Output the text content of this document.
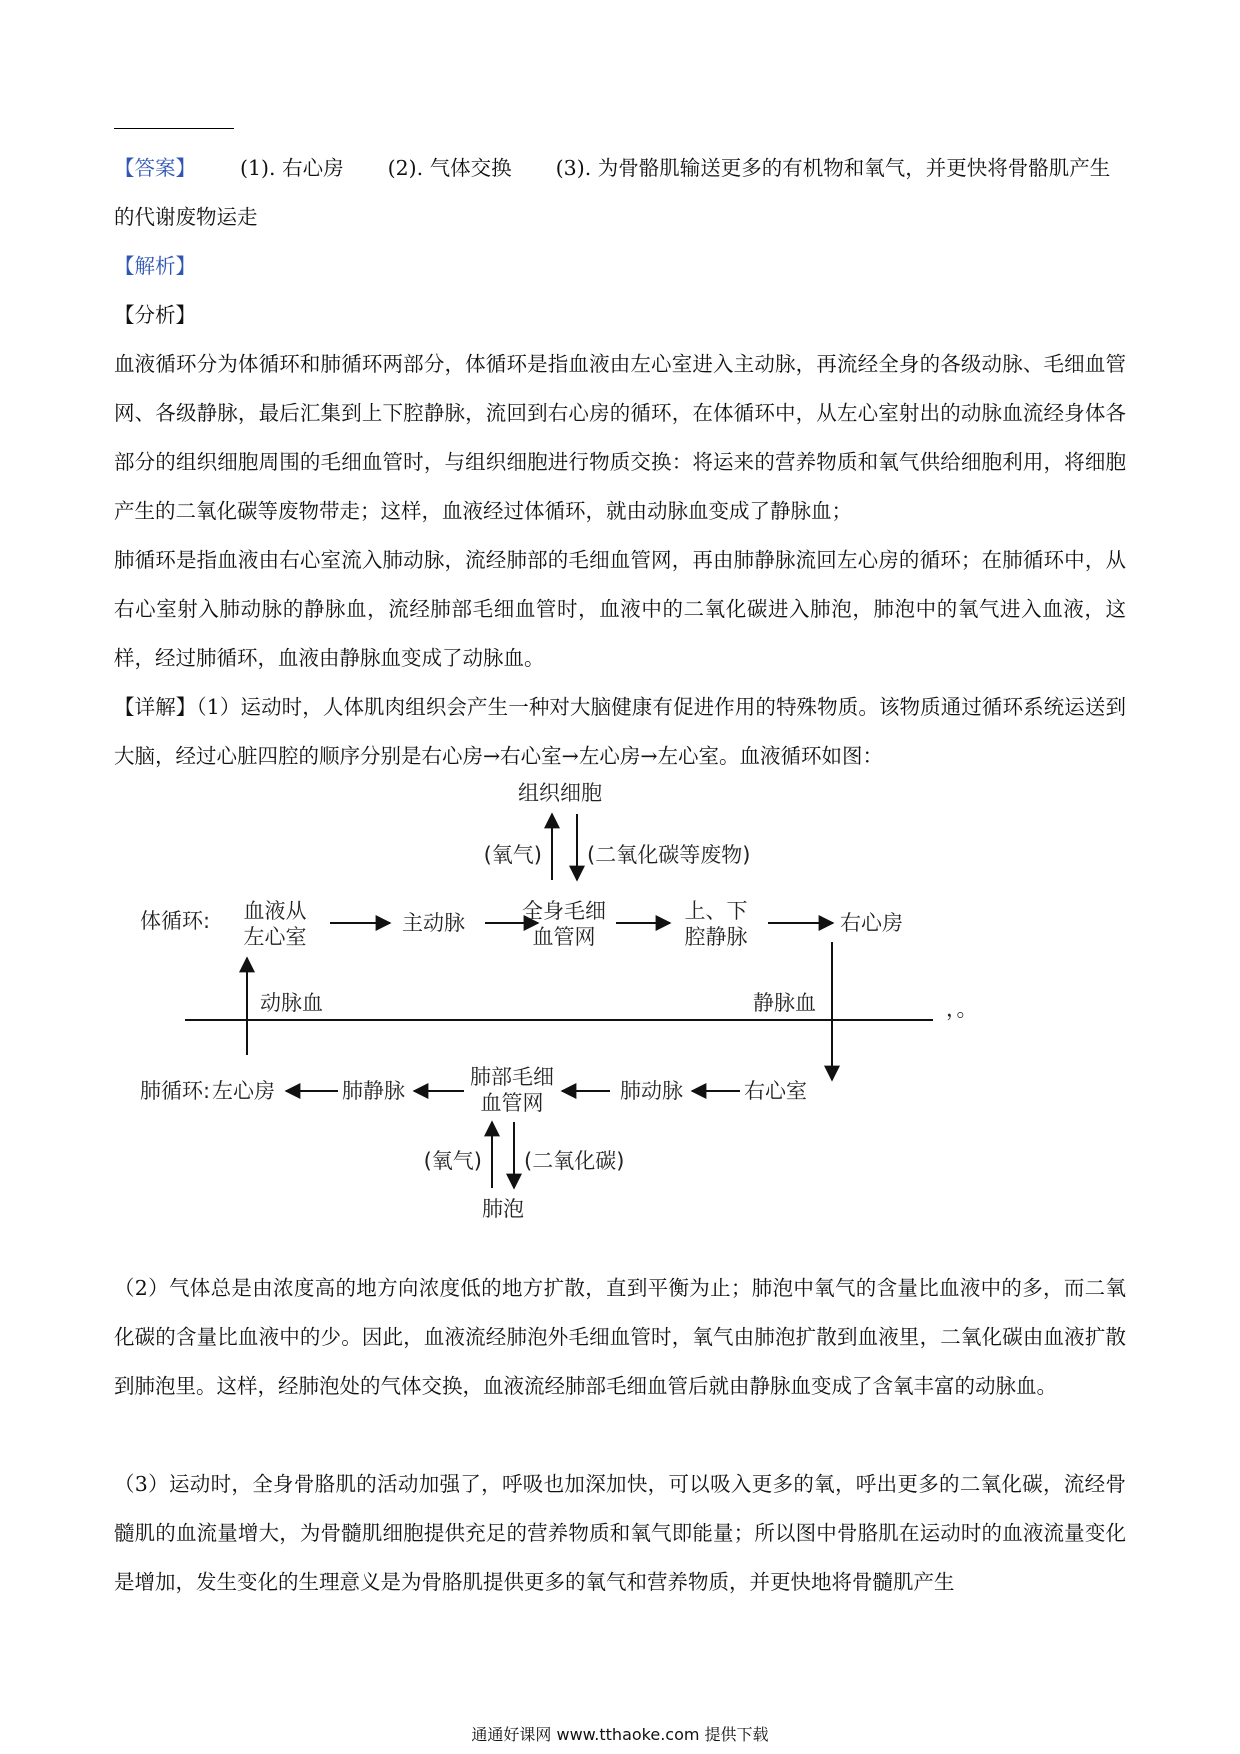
【答案】 (1). 右心房 (2). 气体交换 (3). 为骨骼肌输送更多的有机物和氧气，并更快将骨骼肌产生的代谢废物运走

【解析】

【分析】

血液循环分为体循环和肺循环两部分，体循环是指血液由左心室进入主动脉，再流经全身的各级动脉、毛细血管网、各级静脉，最后汇集到上下腔静脉，流回到右心房的循环，在体循环中，从左心室射出的动脉血流经身体各部分的组织细胞周围的毛细血管时，与组织细胞进行物质交换：将运来的营养物质和氧气供给细胞利用，将细胞产生的二氧化碳等废物带走；这样，血液经过体循环，就由动脉血变成了静脉血；

肺循环是指血液由右心室流入肺动脉，流经肺部的毛细血管网，再由肺静脉流回左心房的循环；在肺循环中，从右心室射入肺动脉的静脉血，流经肺部毛细血管时，血液中的二氧化碳进入肺泡，肺泡中的氧气进入血液，这样，经过肺循环，血液由静脉血变成了动脉血。

【详解】（1）运动时，人体肌肉组织会产生一种对大脑健康有促进作用的特殊物质。该物质通过循环系统运送到大脑，经过心脏四腔的顺序分别是右心房→右心室→左心房→左心室。血液循环如图：

组织细胞
(氧气) (二氧化碳等废物)
体循环: 血液从
左心室
主动脉	全身毛细
血管网
上、下
腔静脉
右心房
动脉血	静脉血	，。
肺循环: 左心房	肺静脉
肺部毛细
血管网	肺动脉	右心室
(氧气) (二氧化碳)
肺泡

（2）气体总是由浓度高的地方向浓度低的地方扩散，直到平衡为止；肺泡中氧气的含量比血液中的多，而二氧化碳的含量比血液中的少。因此，血液流经肺泡外毛细血管时，氧气由肺泡扩散到血液里，二氧化碳由血液扩散到肺泡里。这样，经肺泡处的气体交换，血液流经肺部毛细血管后就由静脉血变成了含氧丰富的动脉血。

（3）运动时，全身骨胳肌的活动加强了，呼吸也加深加快，可以吸入更多的氧，呼出更多的二氧化碳，流经骨髓肌的血流量增大，为骨髓肌细胞提供充足的营养物质和氧气即能量；所以图中骨胳肌在运动时的血液流量变化是增加，发生变化的生理意义是为骨胳肌提供更多的氧气和营养物质，并更快地将骨髓肌产生

通通好课网 www.tthaoke.com 提供下载
